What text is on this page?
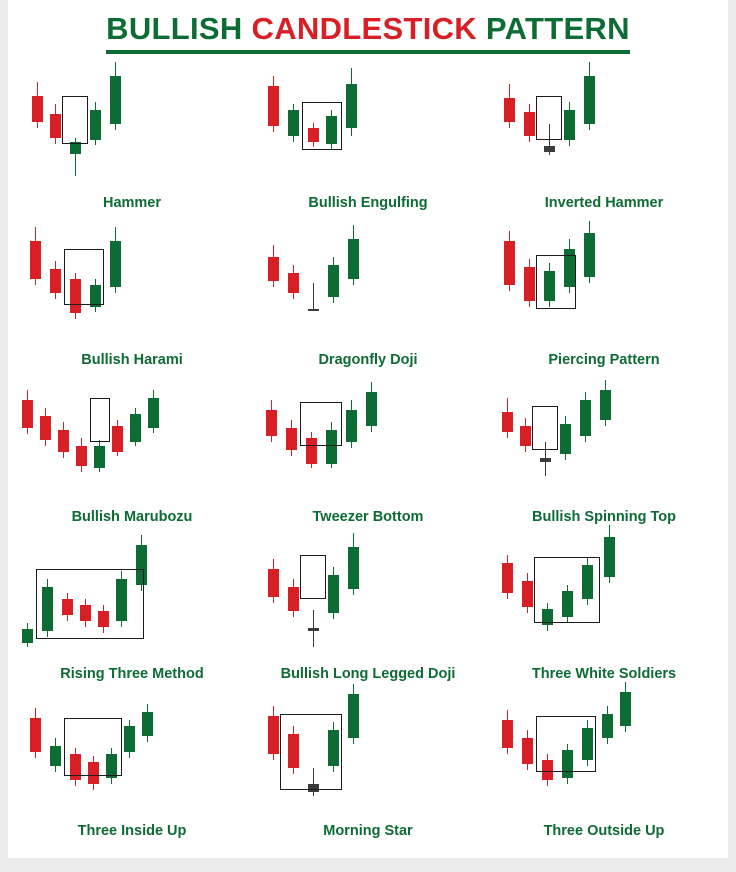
BULLISH CANDLESTICK PATTERN
Hammer	Bullish Engulfing	Inverted Hammer
Bullish Harami	Dragonfly Doji	Piercing Pattern
Bullish Marubozu	Tweezer Bottom	Bullish Spinning Top
Rising Three Method	Bullish Long Legged Doji	Three White Soldiers
Three Inside Up	Morning Star	Three Outside Up
